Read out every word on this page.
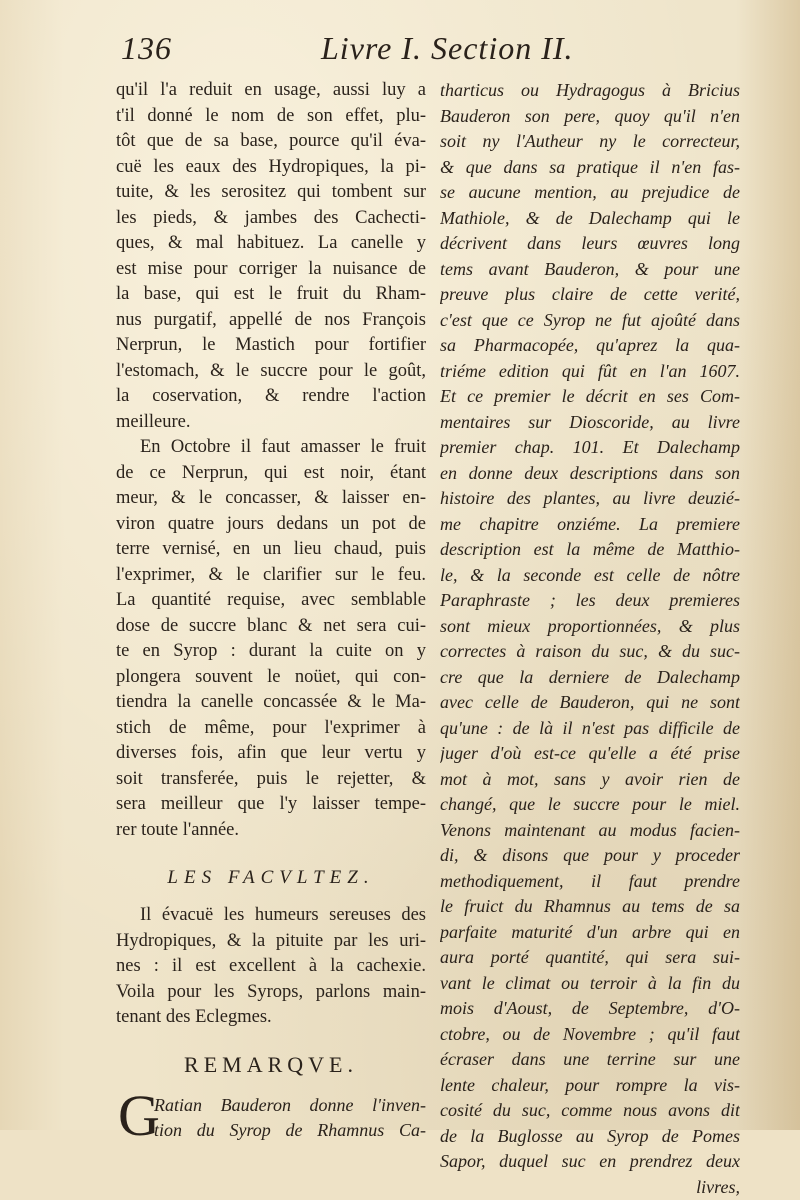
136	Livre I. Section II.
qu'il l'a reduit en usage, aussi luy a
t'il donné le nom de son effet, plu-
tôt que de sa base, pource qu'il éva-
cuë les eaux des Hydropiques, la pi-
tuite, & les serositez qui tombent sur
les pieds, & jambes des Cachecti-
ques, & mal habituez. La canelle y
est mise pour corriger la nuisance de
la base, qui est le fruit du Rham-
nus purgatif, appellé de nos François
Nerprun, le Mastich pour fortifier
l'estomach, & le succre pour le goût,
la coservation, & rendre l'action
meilleure.
En Octobre il faut amasser le fruit
de ce Nerprun, qui est noir, étant
meur, & le concasser, & laisser en-
viron quatre jours dedans un pot de
terre vernisé, en un lieu chaud, puis
l'exprimer, & le clarifier sur le feu.
La quantité requise, avec semblable
dose de succre blanc & net sera cui-
te en Syrop : durant la cuite on y
plongera souvent le noüet, qui con-
tiendra la canelle concassée & le Ma-
stich de même, pour l'exprimer à
diverses fois, afin que leur vertu y
soit transferée, puis le rejetter, &
sera meilleur que l'y laisser tempe-
rer toute l'année.
LES FACVLTEZ.
Il évacuë les humeurs sereuses des
Hydropiques, & la pituite par les uri-
nes : il est excellent à la cachexie.
Voila pour les Syrops, parlons main-
tenant des Eclegmes.
REMARQVE.
G
Ratian Bauderon donne l'inven-
tion du Syrop de Rhamnus Ca-
tharticus ou Hydragogus à Bricius
Bauderon son pere, quoy qu'il n'en
soit ny l'Autheur ny le correcteur,
& que dans sa pratique il n'en fas-
se aucune mention, au prejudice de
Mathiole, & de Dalechamp qui le
décrivent dans leurs œuvres long
tems avant Bauderon, & pour une
preuve plus claire de cette verité,
c'est que ce Syrop ne fut ajoûté dans
sa Pharmacopée, qu'aprez la qua-
triéme edition qui fût en l'an 1607.
Et ce premier le décrit en ses Com-
mentaires sur Dioscoride, au livre
premier chap. 101. Et Dalechamp
en donne deux descriptions dans son
histoire des plantes, au livre deuzié-
me chapitre onziéme. La premiere
description est la même de Matthio-
le, & la seconde est celle de nôtre
Paraphraste ; les deux premieres
sont mieux proportionnées, & plus
correctes à raison du suc, & du suc-
cre que la derniere de Dalechamp
avec celle de Bauderon, qui ne sont
qu'une : de là il n'est pas difficile de
juger d'où est-ce qu'elle a été prise
mot à mot, sans y avoir rien de
changé, que le succre pour le miel.
Venons maintenant au modus facien-
di, & disons que pour y proceder
methodiquement, il faut prendre
le fruict du Rhamnus au tems de sa
parfaite maturité d'un arbre qui en
aura porté quantité, qui sera sui-
vant le climat ou terroir à la fin du
mois d'Aoust, de Septembre, d'O-
ctobre, ou de Novembre ; qu'il faut
écraser dans une terrine sur une
lente chaleur, pour rompre la vis-
cosité du suc, comme nous avons dit
de la Buglosse au Syrop de Pomes
Sapor, duquel suc en prendrez deux
livres,
